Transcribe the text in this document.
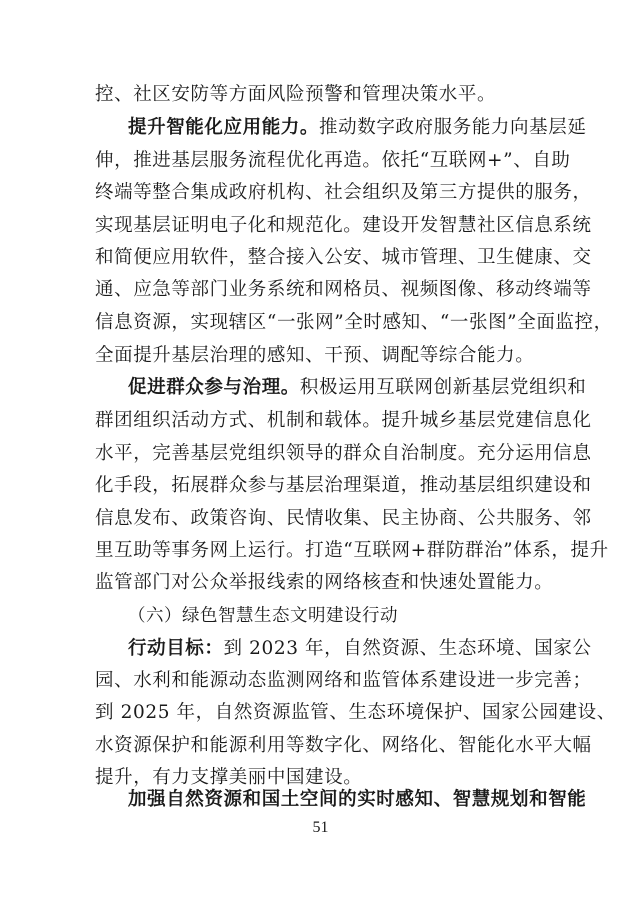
控、社区安防等方面风险预警和管理决策水平。
提升智能化应用能力。推动数字政府服务能力向基层延
伸，推进基层服务流程优化再造。依托“互联网+”、自助
终端等整合集成政府机构、社会组织及第三方提供的服务，
实现基层证明电子化和规范化。建设开发智慧社区信息系统
和简便应用软件，整合接入公安、城市管理、卫生健康、交
通、应急等部门业务系统和网格员、视频图像、移动终端等
信息资源，实现辖区“一张网”全时感知、“一张图”全面监控，
全面提升基层治理的感知、干预、调配等综合能力。
促进群众参与治理。积极运用互联网创新基层党组织和
群团组织活动方式、机制和载体。提升城乡基层党建信息化
水平，完善基层党组织领导的群众自治制度。充分运用信息
化手段，拓展群众参与基层治理渠道，推动基层组织建设和
信息发布、政策咨询、民情收集、民主协商、公共服务、邻
里互助等事务网上运行。打造“互联网+群防群治”体系，提升
监管部门对公众举报线索的网络核查和快速处置能力。
（六）绿色智慧生态文明建设行动
行动目标：到 2023 年，自然资源、生态环境、国家公
园、水利和能源动态监测网络和监管体系建设进一步完善；
到 2025 年，自然资源监管、生态环境保护、国家公园建设、
水资源保护和能源利用等数字化、网络化、智能化水平大幅
提升，有力支撑美丽中国建设。
加强自然资源和国土空间的实时感知、智慧规划和智能
51
